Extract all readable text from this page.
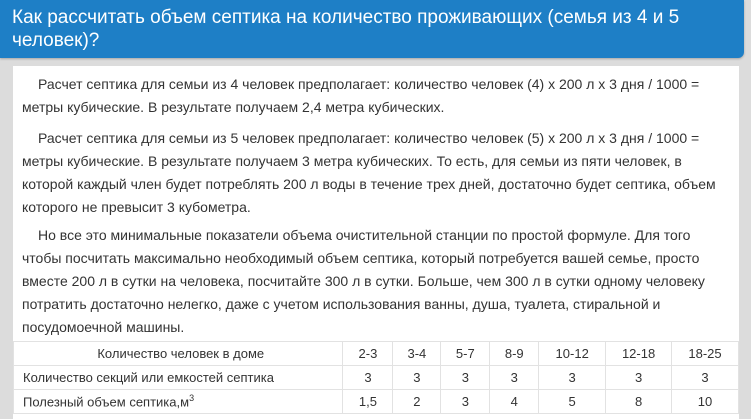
Как рассчитать объем септика на количество проживающих (семья из 4 и 5 человек)?

Расчет септика для семьи из 4 человек предполагает: количество человек (4) х 200 л х 3 дня / 1000 = метры кубические. В результате получаем 2,4 метра кубических.

Расчет септика для семьи из 5 человек предполагает: количество человек (5) х 200 л х 3 дня / 1000 = метры кубические. В результате получаем 3 метра кубических. То есть, для семьи из пяти человек, в которой каждый член будет потреблять 200 л воды в течение трех дней, достаточно будет септика, объем которого не превысит 3 кубометра.

Но все это минимальные показатели объема очистительной станции по простой формуле. Для того чтобы посчитать максимально необходимый объем септика, который потребуется вашей семье, просто вместе 200 л в сутки на человека, посчитайте 300 л в сутки. Больше, чем 300 л в сутки одному человеку потратить достаточно нелегко, даже с учетом использования ванны, душа, туалета, стиральной и посудомоечной машины.

Количество человек в доме	2-3	3-4	5-7	8-9	10-12	12-18	18-25
Количество секций или емкостей септика	3	3	3	3	3	3	3
Полезный объем $септика,м^3$	1,5	2	3	4	5	8	10
